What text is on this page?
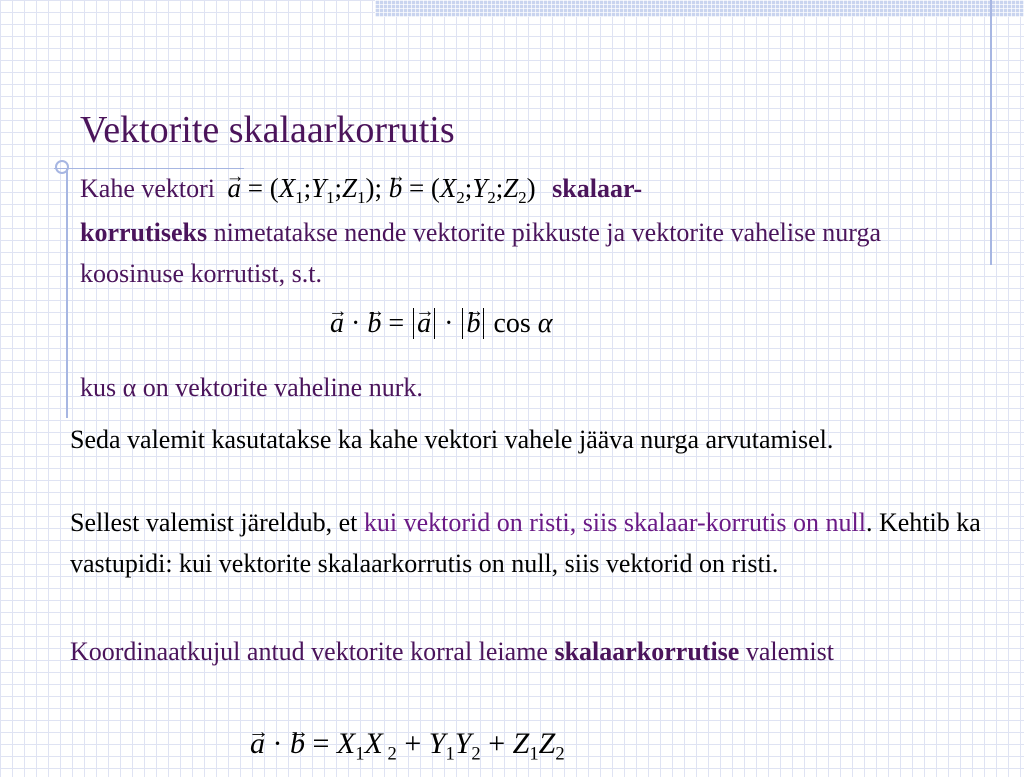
Vektorite skalaarkorrutis

Kahe vektori → $a = (X_1;Y_1;Z_1)$; → $b = (X_2;Y_2;Z_2)$ skalaar-

korrutiseks nimetatakse nende vektorite pikkuste ja vektorite vahelise nurga koosinuse korrutist, s.t.

→ a · → b = → a · → b cos α

kus α on vektorite vaheline nurk.

Seda valemit kasutatakse ka kahe vektori vahele jääva nurga arvutamisel.

Sellest valemist järeldub, et kui vektorid on risti, siis skalaar-korrutis on null. Kehtib ka vastupidi: kui vektorite skalaarkorrutis on null, siis vektorid on risti.

Koordinaatkujul antud vektorite korral leiame skalaarkorrutise valemist

→ a · → $b = X_1X$ $_2 + Y_1Y_2 + Z_1Z_2$
